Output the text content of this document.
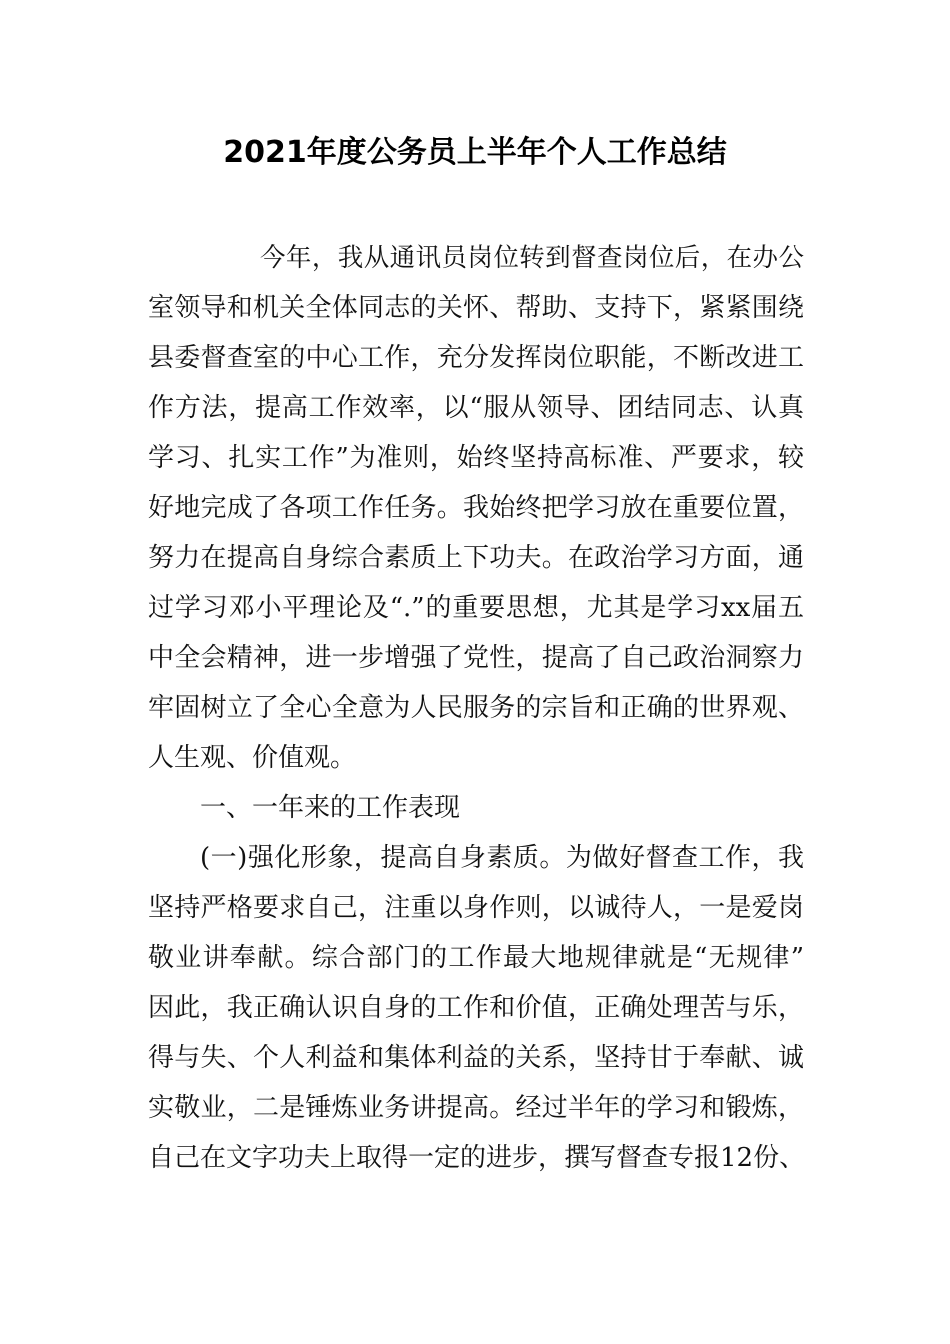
2021年度公务员上半年个人工作总结

今年，我从通讯员岗位转到督查岗位后，在办公

室领导和机关全体同志的关怀、帮助、支持下，紧紧围绕

县委督查室的中心工作，充分发挥岗位职能，不断改进工

作方法，提高工作效率，以“服从领导、团结同志、认真

学习、扎实工作”为准则，始终坚持高标准、严要求，较

好地完成了各项工作任务。我始终把学习放在重要位置，

努力在提高自身综合素质上下功夫。在政治学习方面，通

过学习邓小平理论及“.”的重要思想，尤其是学习xx届五

中全会精神，进一步增强了党性，提高了自己政治洞察力

牢固树立了全心全意为人民服务的宗旨和正确的世界观、

人生观、价值观。

一、一年来的工作表现

(一)强化形象，提高自身素质。为做好督查工作，我

坚持严格要求自己，注重以身作则，以诚待人，一是爱岗

敬业讲奉献。综合部门的工作最大地规律就是“无规律”

因此，我正确认识自身的工作和价值，正确处理苦与乐，

得与失、个人利益和集体利益的关系，坚持甘于奉献、诚

实敬业，二是锤炼业务讲提高。经过半年的学习和锻炼，

自己在文字功夫上取得一定的进步，撰写督查专报12份、
